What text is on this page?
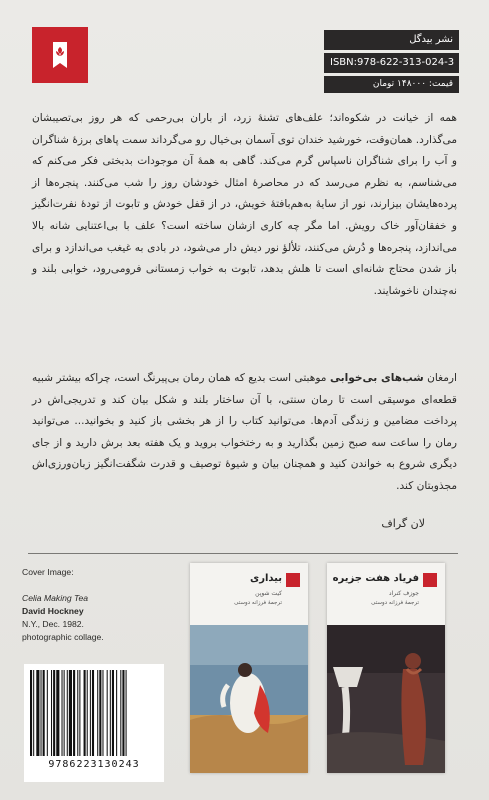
نشر بیدگل
ISBN:978-622-313-024-3
قیمت: ۱۴۸۰۰۰ تومان
همه از خیانت در شکوه‌اند؛ علف‌های تشنهٔ زرد، از باران بی‌رحمی که هر روز بی‌تصیبشان می‌گذارد. همان‌وقت، خورشید خندان توی آسمان بی‌خیال رو می‌گرداند سمت پاهای برزهٔ شناگران و آب را برای شناگران ناسپاس گرم می‌کند. گاهی به همهٔ آن موجودات بدبختی فکر می‌کنم که می‌شناسم، به نظرم می‌رسد که در محاصرهٔ امثال خودشان روز را شب می‌کنند. پنجره‌ها از پرده‌هایشان بیزارند، نور از سایهٔ به‌هم‌بافتهٔ خویش، در از قفل خودش و تابوت از تودهٔ نفرت‌انگیز و خفقان‌آور خاک رویش. اما مگر چه کاری ازشان ساخته است؟ علف با بی‌اعتنایی شانه بالا می‌اندازد، پنجره‌ها و دُرش می‌کنند، تلألؤ نور دیش دار می‌شود، در بادی به غیغب می‌اندازد و برای باز شدن محتاج شانه‌ای است تا هلش بدهد، تابوت به خواب زمستانی فرومی‌رود، خوابی بلند و نه‌چندان ناخوشایند.
ارمغان شب‌های بی‌خوابی موهبتی است بدیع که همان رمان بی‌پیرنگ است، چراکه بیشتر شبیه قطعه‌ای موسیقی است تا رمان سنتی، با آن ساختار بلند و شکل بیان کند و تدریجی‌اش در پرداخت مضامین و زندگی آدم‌ها. می‌توانید کتاب را از هر بخشی باز کنید و بخوانید... می‌توانید رمان را ساعت سه صبح زمین بگذارید و به رختخواب بروید و یک هفته بعد برش دارید و از جای دیگری شروع به خواندن کنید و همچنان بیان و شیوهٔ توصیف و قدرت شگفت‌انگیز زبان‌ورزی‌اش مجذوبتان کند.
لان گراف
Cover Image:
Celia Making Tea
David Hockney
N.Y., Dec. 1982.
photographic collage.
9786223130243
بیداری
کیت شوپن
ترجمهٔ فرزانه دوستی
فریاد هفت جزیره
جوزف کنراد
ترجمهٔ فرزانه دوستی
